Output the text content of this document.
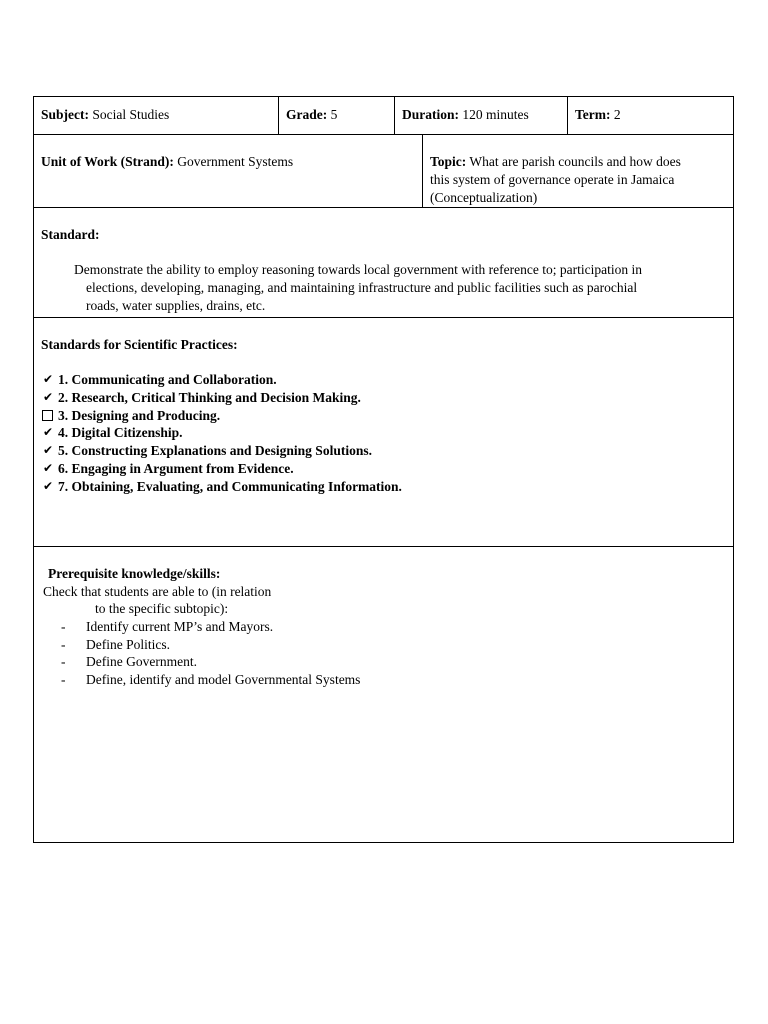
Subject: Social Studies	Grade: 5	Duration: 120 minutes	Term: 2
Unit of Work (Strand): Government Systems	Topic: What are parish councils and how does
this system of governance operate in Jamaica
(Conceptualization)
Standard:
Demonstrate the ability to employ reasoning towards local government with reference to; participation in
elections, developing, managing, and maintaining infrastructure and public facilities such as parochial
roads, water supplies, drains, etc.
Standards for Scientific Practices:
✔ 1. Communicating and Collaboration.
✔ 2. Research, Critical Thinking and Decision Making.
3. Designing and Producing.
✔ 4. Digital Citizenship.
✔ 5. Constructing Explanations and Designing Solutions.
✔ 6. Engaging in Argument from Evidence.
✔ 7. Obtaining, Evaluating, and Communicating Information.
Prerequisite knowledge/skills:
Check that students are able to (in relation
to the specific subtopic):
-	Identify current MP’s and Mayors.
-	Define Politics.
-	Define Government.
-	Define, identify and model Governmental Systems
